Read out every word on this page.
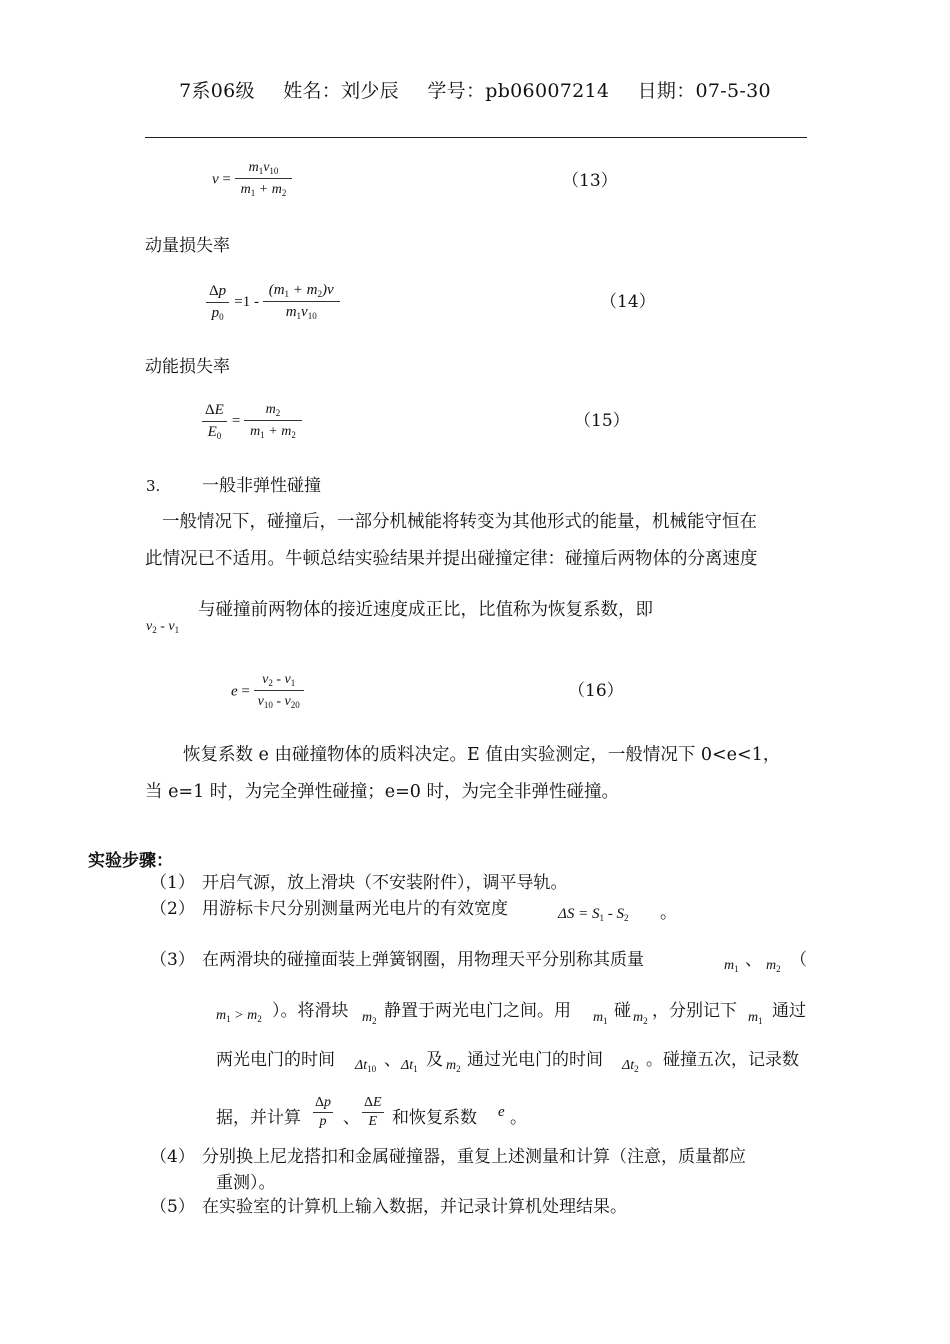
7系06级 姓名：刘少辰 学号：pb06007214 日期：07-5-30
$v = \frac{m_1v_{10}}{m_1 + m_2}$	（13）
动量损失率
$\frac{\Delta p}{p_0} =1 - \frac{(m_1 + m_2)v}{m_1v_{10}}$	（14）
动能损失率
$\frac{\Delta E}{E_0} = \frac{m_2}{m_1 + m_2}$	（15）
3. 一般非弹性碰撞
一般情况下，碰撞后，一部分机械能将转变为其他形式的能量，机械能守恒在
此情况已不适用。牛顿总结实验结果并提出碰撞定律：碰撞后两物体的分离速度
$v_2 - v_1$
与碰撞前两物体的接近速度成正比，比值称为恢复系数，即
$e = \frac{v_2 - v_1}{v_{10} - v_{20}}$	（16）
恢复系数 e 由碰撞物体的质料决定。E 值由实验测定，一般情况下 0<e<1，
当 e=1 时，为完全弹性碰撞；e=0 时，为完全非弹性碰撞。
实验步骤：
（1） 开启气源，放上滑块（不安装附件），调平导轨。
（2） 用游标卡尺分别测量两光电片的有效宽度	$\Delta S = S_1 - S_2$ 。
（3） 在两滑块的碰撞面装上弹簧钢圈，用物理天平分别称其质量	$m_1$ 、 $m_2$ （
$m_1 > m_2$ ）。将滑块 $m_2$ 静置于两光电门之间。用 $m_1$ 碰 $m_2$ ，分别记下 $m_1$ 通过
两光电门的时间 $\Delta t_{10}$ 、 $\Delta t_1$ 及 $m_2$ 通过光电门的时间 $\Delta t_2$ 。碰撞五次，记录数
据，并计算 $\frac{\Delta p}{p}$ 、 $\frac{\Delta E}{E}$ 和恢复系数 e 。
（4） 分别换上尼龙搭扣和金属碰撞器，重复上述测量和计算（注意，质量都应
重测）。
（5） 在实验室的计算机上输入数据，并记录计算机处理结果。
